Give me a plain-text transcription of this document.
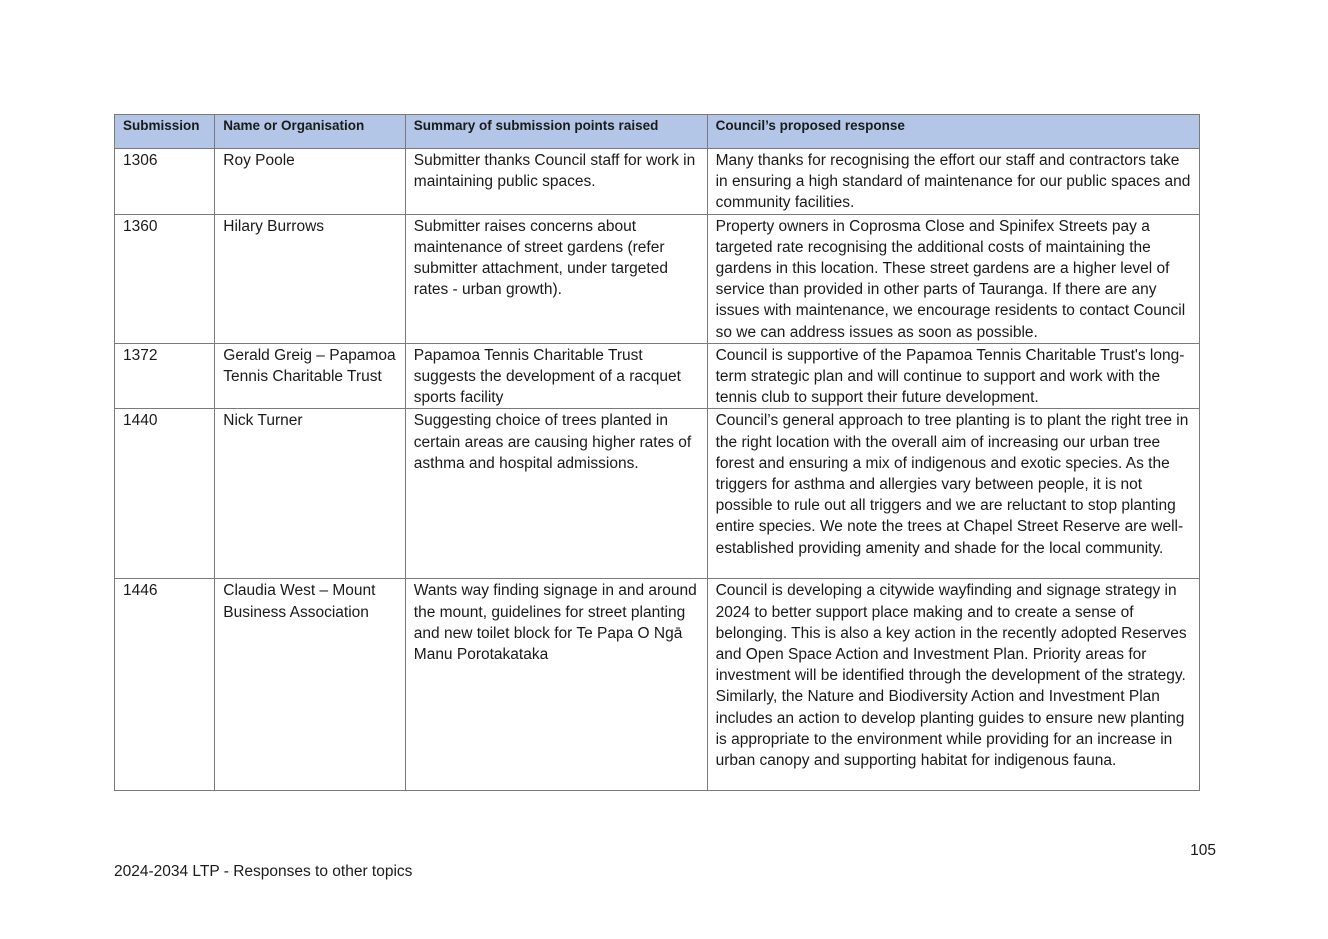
Submission	Name or Organisation	Summary of submission points raised	Council’s proposed response
1306	Roy Poole	Submitter thanks Council staff for work in maintaining public spaces.	Many thanks for recognising the effort our staff and contractors take in ensuring a high standard of maintenance for our public spaces and community facilities.
1360	Hilary Burrows	Submitter raises concerns about maintenance of street gardens (refer submitter attachment, under targeted rates - urban growth).	Property owners in Coprosma Close and Spinifex Streets pay a targeted rate recognising the additional costs of maintaining the gardens in this location. These street gardens are a higher level of service than provided in other parts of Tauranga. If there are any issues with maintenance, we encourage residents to contact Council so we can address issues as soon as possible.
1372	Gerald Greig – Papamoa Tennis Charitable Trust	Papamoa Tennis Charitable Trust suggests the development of a racquet sports facility	Council is supportive of the Papamoa Tennis Charitable Trust's long-term strategic plan and will continue to support and work with the tennis club to support their future development.
1440	Nick Turner	Suggesting choice of trees planted in certain areas are causing higher rates of asthma and hospital admissions.	Council’s general approach to tree planting is to plant the right tree in the right location with the overall aim of increasing our urban tree forest and ensuring a mix of indigenous and exotic species. As the triggers for asthma and allergies vary between people, it is not possible to rule out all triggers and we are reluctant to stop planting entire species. We note the trees at Chapel Street Reserve are well-established providing amenity and shade for the local community.
1446	Claudia West – Mount Business Association	Wants way finding signage in and around the mount, guidelines for street planting and new toilet block for Te Papa O Ngā Manu Porotakataka	Council is developing a citywide wayfinding and signage strategy in 2024 to better support place making and to create a sense of belonging. This is also a key action in the recently adopted Reserves and Open Space Action and Investment Plan. Priority areas for investment will be identified through the development of the strategy. Similarly, the Nature and Biodiversity Action and Investment Plan includes an action to develop planting guides to ensure new planting is appropriate to the environment while providing for an increase in urban canopy and supporting habitat for indigenous fauna.
105
2024-2034 LTP - Responses to other topics
